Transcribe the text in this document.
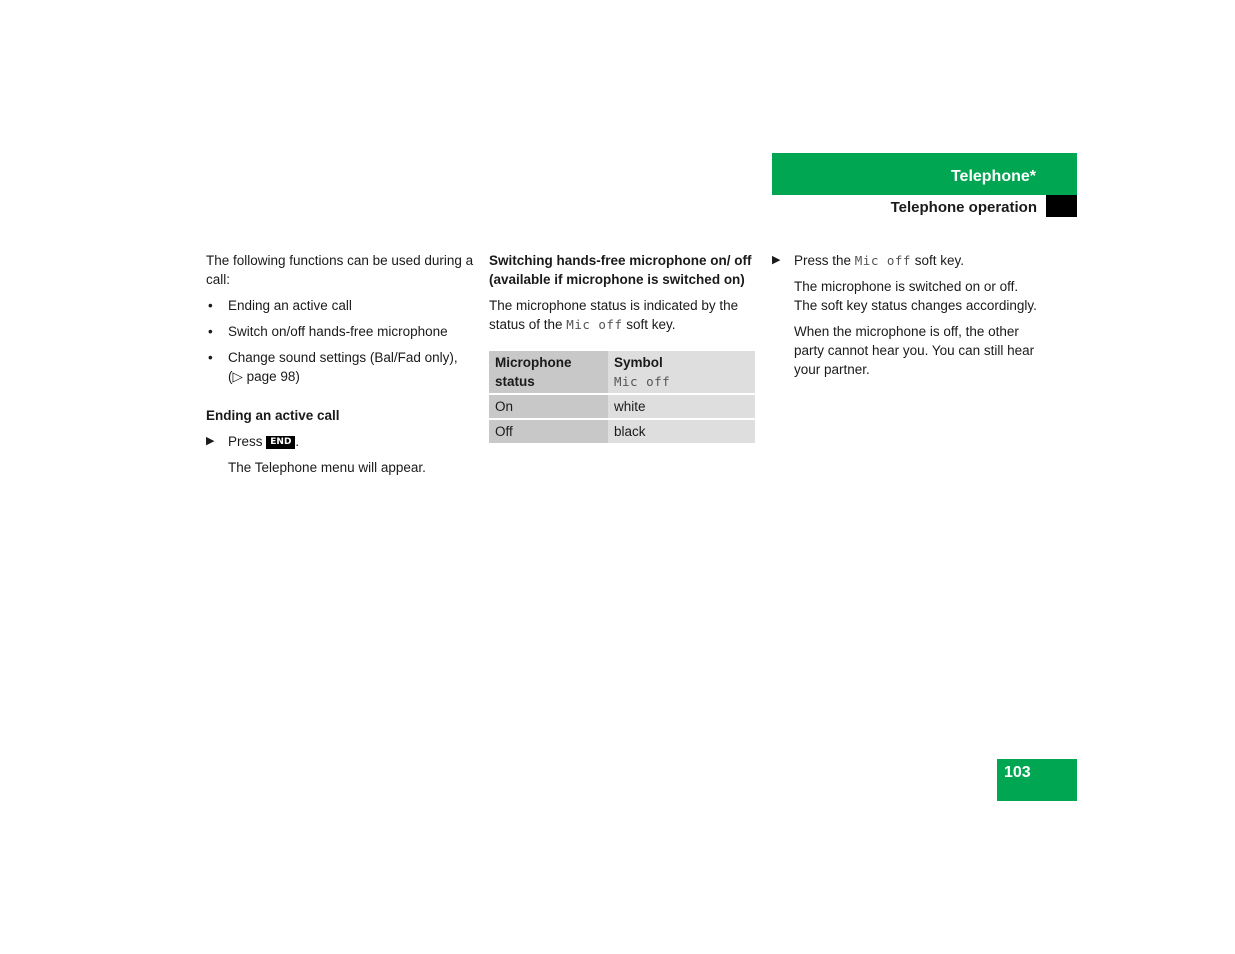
Telephone*
Telephone operation

The following functions can be used during a call:

• Ending an active call
• Switch on/off hands-free microphone
• Change sound settings (Bal/Fad only),
(▷ page 98)
Ending an active call
▶ Press END .

The Telephone menu will appear.

Switching hands-free microphone on/ off (available if microphone is switched on)

The microphone status is indicated by the status of the Mic off soft key.

Microphone status	Symbol
Mic off
On	white
Off	black
▶ Press the Mic off soft key.

The microphone is switched on or off. The soft key status changes accordingly.

When the microphone is off, the other party cannot hear you. You can still hear your partner.

103
